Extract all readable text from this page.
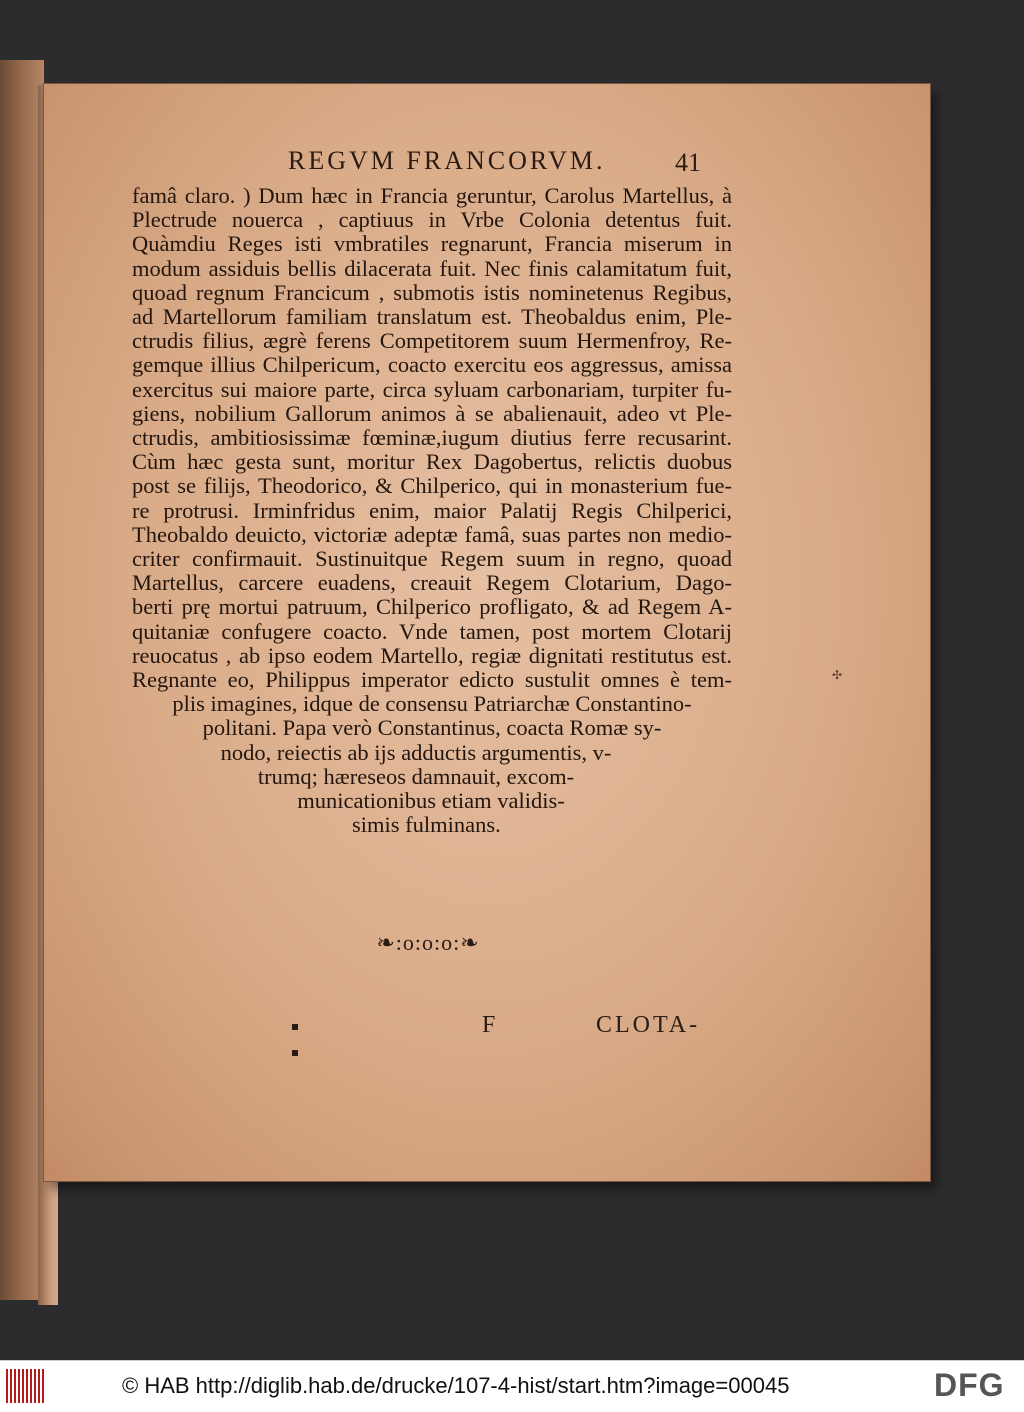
REGVM FRANCORVM.	41
famâ claro. ) Dum hæc in Francia geruntur, Carolus Martellus, à
Plectrude nouerca , captiuus in Vrbe Colonia detentus fuit.
Quàmdiu Reges isti vmbratiles regnarunt, Francia miserum in
modum assiduis bellis dilacerata fuit. Nec finis calamitatum fuit,
quoad regnum Francicum , submotis istis nominetenus Regibus,
ad Martellorum familiam translatum est. Theobaldus enim, Ple-
ctrudis filius, ægrè ferens Competitorem suum Hermenfroy, Re-
gemque illius Chilpericum, coacto exercitu eos aggressus, amissa
exercitus sui maiore parte, circa syluam carbonariam, turpiter fu-
giens, nobilium Gallorum animos à se abalienauit, adeo vt Ple-
ctrudis, ambitiosissimæ fœminæ,iugum diutius ferre recusarint.
Cùm hæc gesta sunt, moritur Rex Dagobertus, relictis duobus
post se filijs, Theodorico, & Chilperico, qui in monasterium fue-
re protrusi. Irminfridus enim, maior Palatij Regis Chilperici,
Theobaldo deuicto, victoriæ adeptæ famâ, suas partes non medio-
criter confirmauit. Sustinuitque Regem suum in regno, quoad
Martellus, carcere euadens, creauit Regem Clotarium, Dago-
berti prę mortui patruum, Chilperico profligato, & ad Regem A-
quitaniæ confugere coacto. Vnde tamen, post mortem Clotarij
reuocatus , ab ipso eodem Martello, regiæ dignitati restitutus est.
Regnante eo, Philippus imperator edicto sustulit omnes è tem-
plis imagines, idque de consensu Patriarchæ Constantino-
politani. Papa verò Constantinus, coacta Romæ sy-
nodo, reiectis ab ijs adductis argumentis, v-
trumq; hæreseos damnauit, excom-
municationibus etiam validis-
simis fulminans.
❧:o:o:o:❧
F	CLOTA-
✣
© HAB http://diglib.hab.de/drucke/107-4-hist/start.htm?image=00045	DFG
